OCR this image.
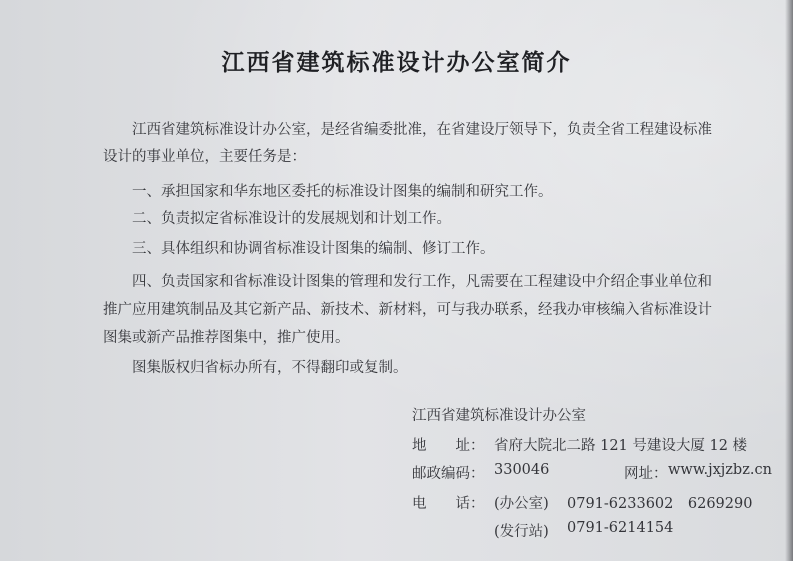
江西省建筑标准设计办公室简介
江西省建筑标准设计办公室，是经省编委批准，在省建设厅领导下，负责全省工程建设标准
设计的事业单位，主要任务是：
一、承担国家和华东地区委托的标准设计图集的编制和研究工作。
二、负责拟定省标准设计的发展规划和计划工作。
三、具体组织和协调省标准设计图集的编制、修订工作。
四、负责国家和省标准设计图集的管理和发行工作，凡需要在工程建设中介绍企事业单位和
推广应用建筑制品及其它新产品、新技术、新材料，可与我办联系，经我办审核编入省标准设计
图集或新产品推荐图集中，推广使用。
图集版权归省标办所有，不得翻印或复制。
江西省建筑标准设计办公室
地　　址： 省府大院北二路 121 号建设大厦 12 楼
邮政编码： 330046	网址： www.jxjzbz.cn
电　　话： (办公室) 0791-6233602　6269290
(发行站) 0791-6214154
